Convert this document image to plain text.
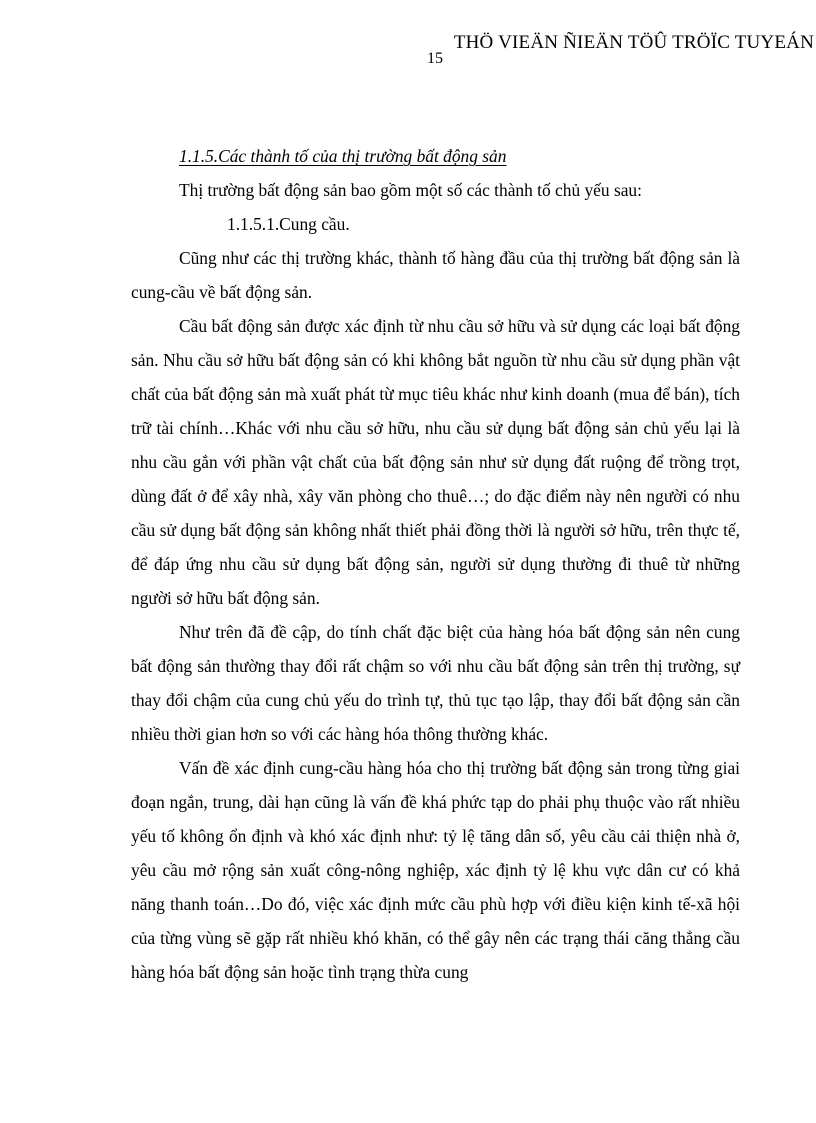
THÖ VIEÄN ÑIEÄN TÖÛ TRÖÏC TUYEÁN
15
1.1.5.Các thành tố của thị trường bất động sản

Thị trường bất động sản bao gồm một số các thành tố chủ yếu sau:

1.1.5.1.Cung cầu.

Cũng như các thị trường khác, thành tố hàng đầu của thị trường bất động sản là cung-cầu về bất động sản.

Cầu bất động sản được xác định từ nhu cầu sở hữu và sử dụng các loại bất động sản. Nhu cầu sở hữu bất động sản có khi không bắt nguồn từ nhu cầu sử dụng phần vật chất của bất động sản mà xuất phát từ mục tiêu khác như kinh doanh (mua để bán), tích trữ tài chính…Khác với nhu cầu sở hữu, nhu cầu sử dụng bất động sản chủ yếu lại là nhu cầu gắn với phần vật chất của bất động sản như sử dụng đất ruộng để trồng trọt, dùng đất ở để xây nhà, xây văn phòng cho thuê…; do đặc điểm này nên người có nhu cầu sử dụng bất động sản không nhất thiết phải đồng thời là người sở hữu, trên thực tế, để đáp ứng nhu cầu sử dụng bất động sản, người sử dụng thường đi thuê từ những người sở hữu bất động sản.

Như trên đã đề cập, do tính chất đặc biệt của hàng hóa bất động sản nên cung bất động sản thường thay đổi rất chậm so với nhu cầu bất động sản trên thị trường, sự thay đổi chậm của cung chủ yếu do trình tự, thủ tục tạo lập, thay đổi bất động sản cần nhiều thời gian hơn so với các hàng hóa thông thường khác.

Vấn đề xác định cung-cầu hàng hóa cho thị trường bất động sản trong từng giai đoạn ngắn, trung, dài hạn cũng là vấn đề khá phức tạp do phải phụ thuộc vào rất nhiều yếu tố không ổn định và khó xác định như: tỷ lệ tăng dân số, yêu cầu cải thiện nhà ở, yêu cầu mở rộng sản xuất công-nông nghiệp, xác định tỷ lệ khu vực dân cư có khả năng thanh toán…Do đó, việc xác định mức cầu phù hợp với điều kiện kinh tế-xã hội của từng vùng sẽ gặp rất nhiều khó khăn, có thể gây nên các trạng thái căng thẳng cầu hàng hóa bất động sản hoặc tình trạng thừa cung
